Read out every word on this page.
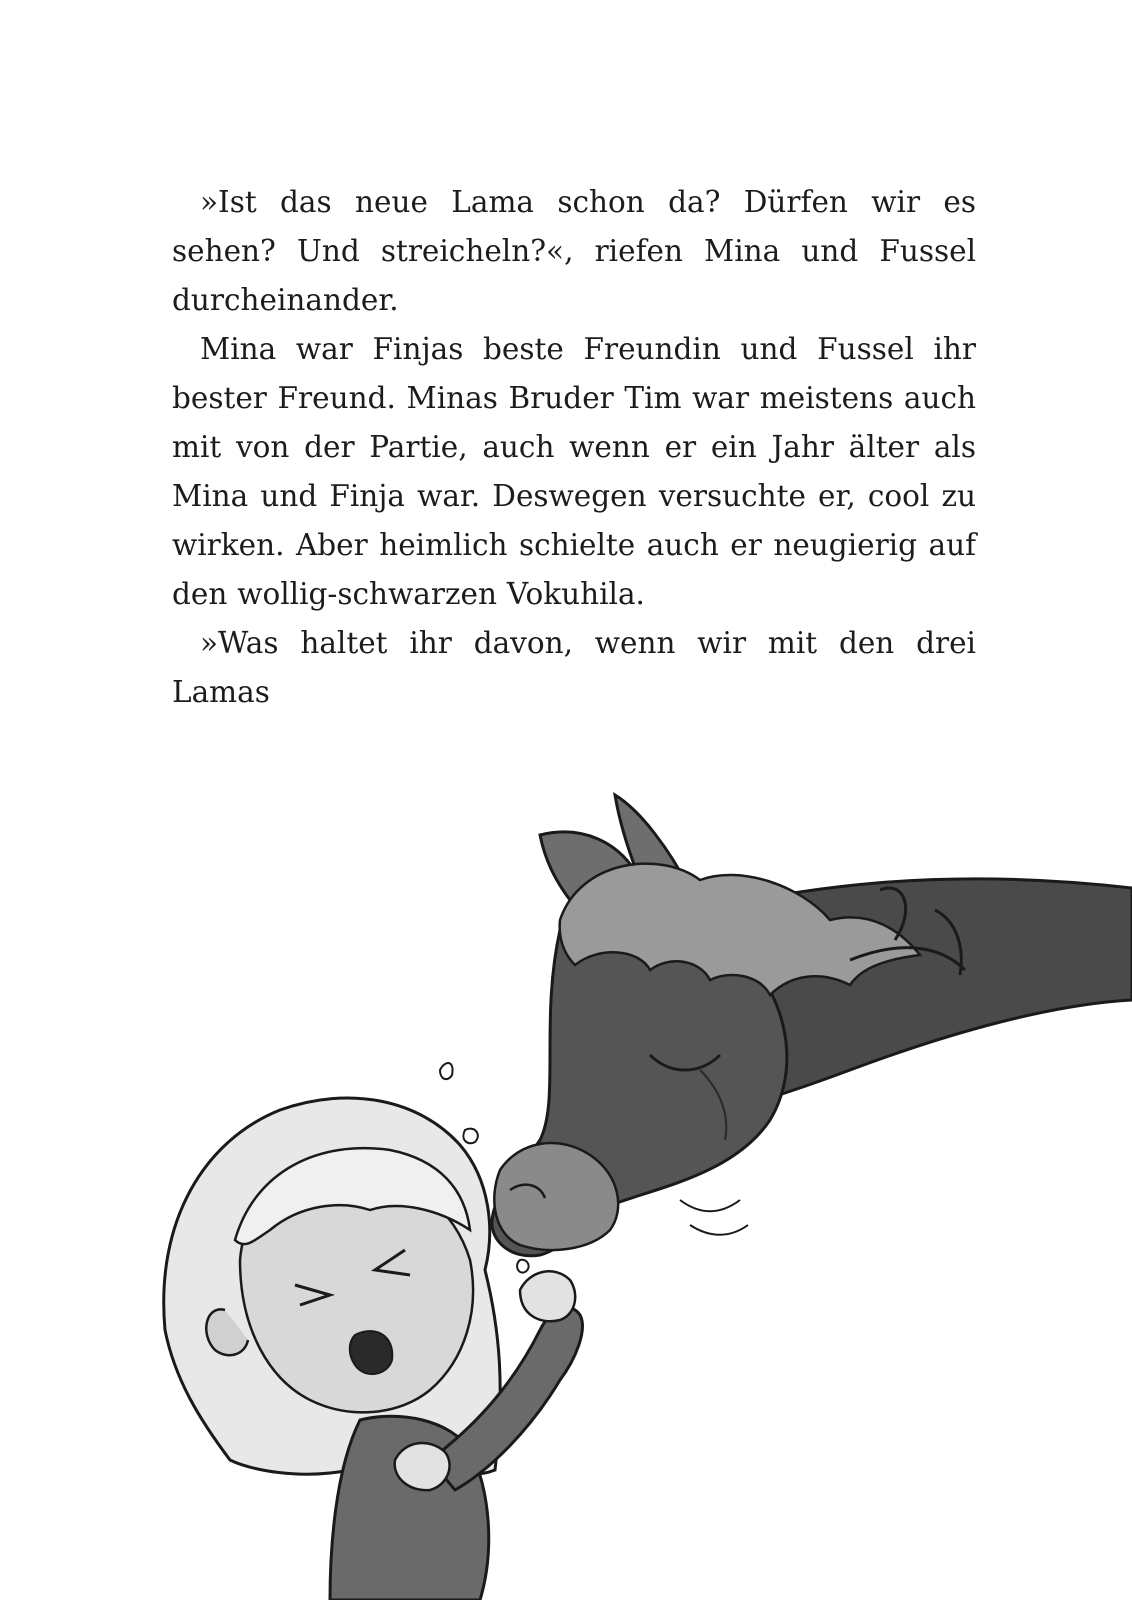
»Ist das neue Lama schon da? Dürfen wir es sehen? Und streicheln?«, riefen Mina und Fussel durcheinander.

Mina war Finjas beste Freundin und Fussel ihr bester Freund. Minas Bruder Tim war meistens auch mit von der Partie, auch wenn er ein Jahr älter als Mina und Finja war. Deswegen versuchte er, cool zu wirken. Aber heimlich schielte auch er neugierig auf den wollig-schwarzen Vokuhila.

»Was haltet ihr davon, wenn wir mit den drei Lamas
